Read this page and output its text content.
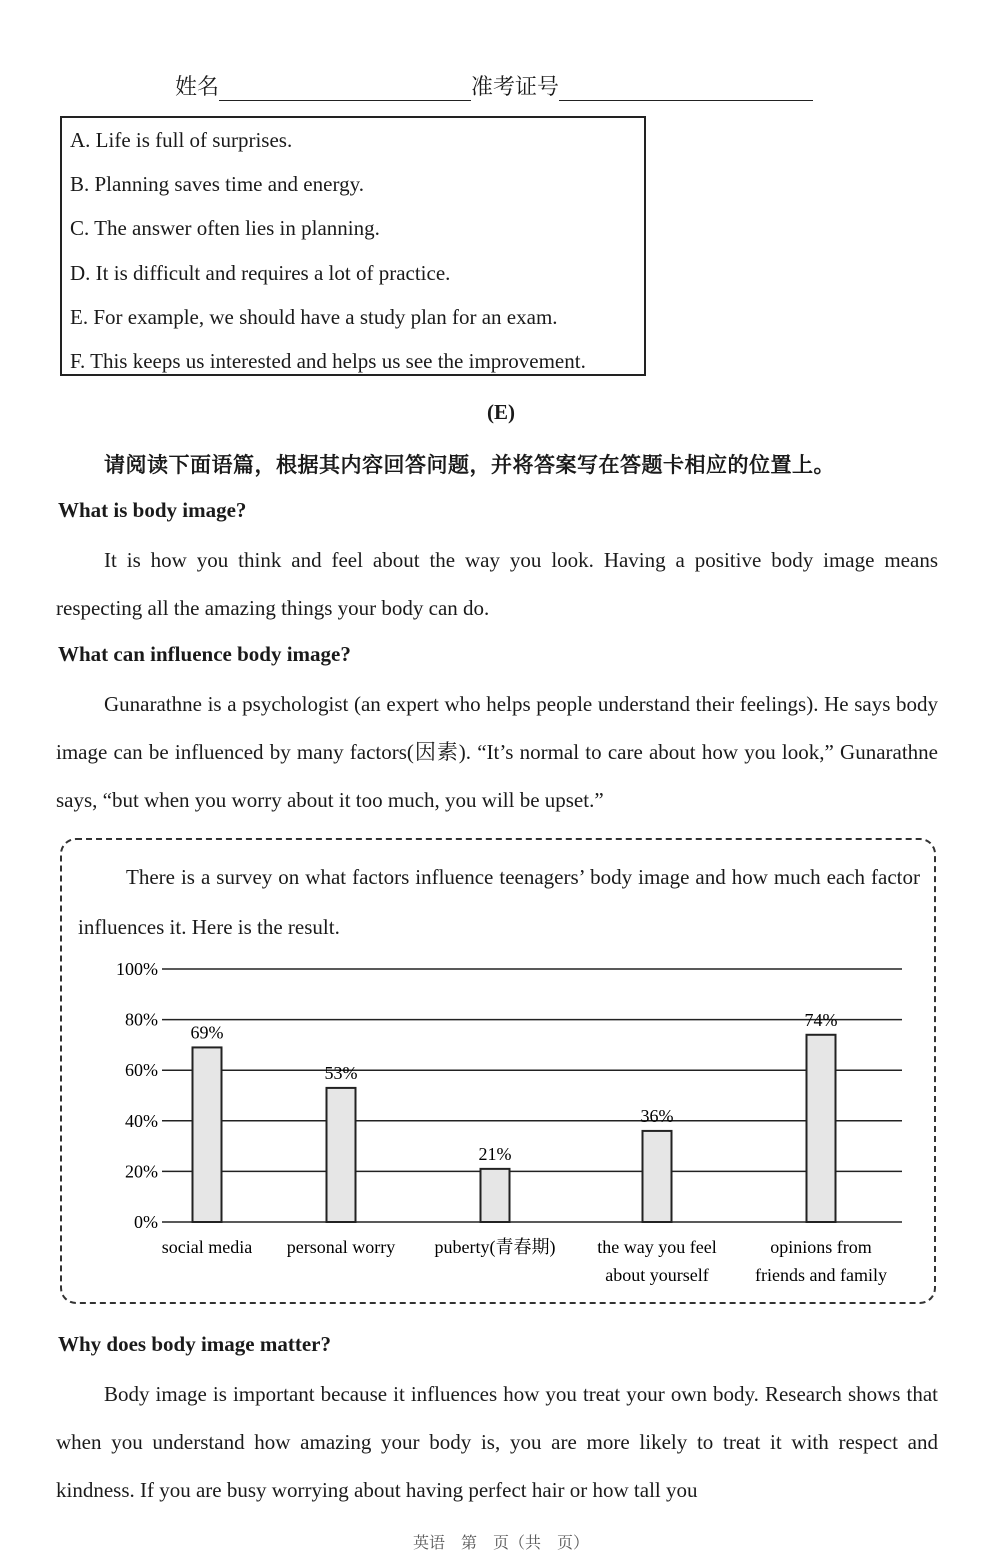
姓名	准考证号
A. Life is full of surprises.
B. Planning saves time and energy.
C. The answer often lies in planning.
D. It is difficult and requires a lot of practice.
E. For example, we should have a study plan for an exam.
F. This keeps us interested and helps us see the improvement.
(E)
请阅读下面语篇，根据其内容回答问题，并将答案写在答题卡相应的位置上。
What is body image?
It is how you think and feel about the way you look. Having a positive body image means respecting all the amazing things your body can do.
What can influence body image?
Gunarathne is a psychologist (an expert who helps people understand their feelings). He says body image can be influenced by many factors(因素). “It’s normal to care about how you look,” Gunarathne says, “but when you worry about it too much, you will be upset.”
There is a survey on what factors influence teenagers’ body image and how much each factor influences it. Here is the result.
0%
20%
40%
60%
80%
100%
69%
53%
21%
36%
74%
social media personal worry puberty(青春期) the way you feel
about yourself
opinions from
friends and family
Why does body image matter?
Body image is important because it influences how you treat your own body. Research shows that when you understand how amazing your body is, you are more likely to treat it with respect and kindness. If you are busy worrying about having perfect hair or how tall you
英语　第　页（共　页）
